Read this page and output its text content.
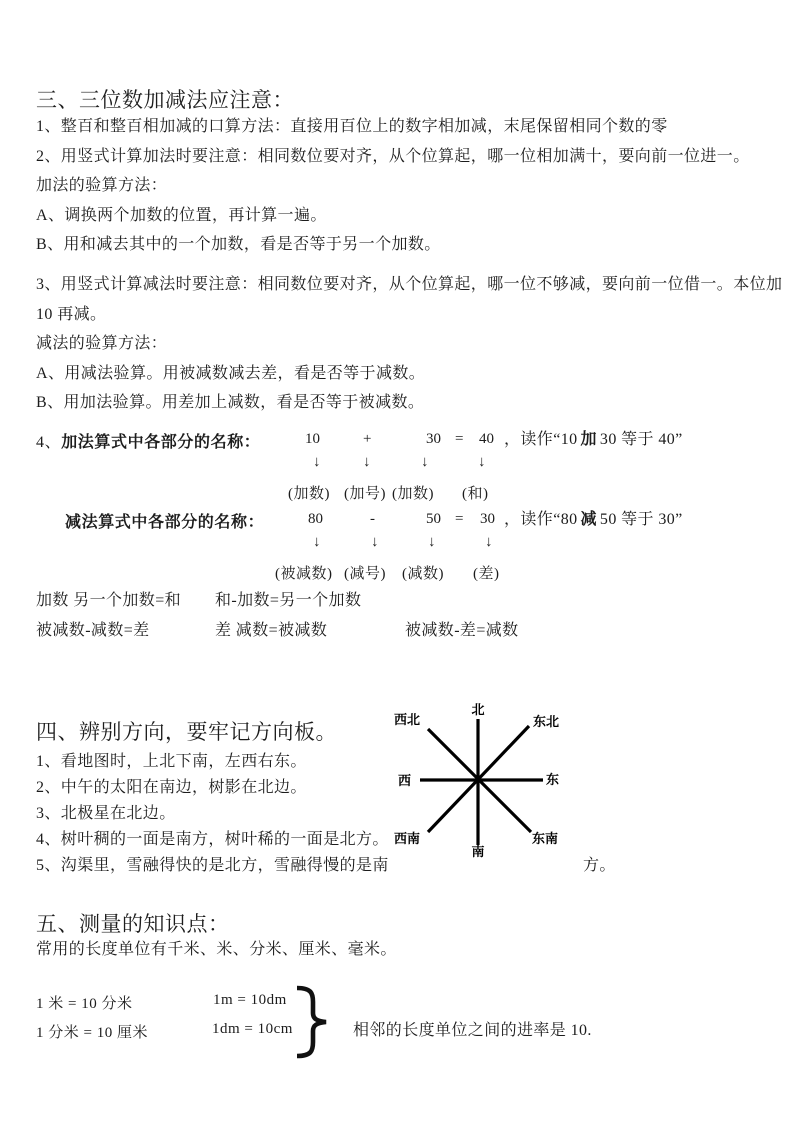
三、三位数加减法应注意：
1、整百和整百相加减的口算方法：直接用百位上的数字相加减，末尾保留相同个数的零
2、用竖式计算加法时要注意：相同数位要对齐，从个位算起，哪一位相加满十，要向前一位进一。
加法的验算方法：
A、调换两个加数的位置，再计算一遍。
B、用和减去其中的一个加数，看是否等于另一个加数。
3、用竖式计算减法时要注意：相同数位要对齐，从个位算起，哪一位不够减，要向前一位借一。本位加
10 再减。
减法的验算方法：
A、用减法验算。用被减数减去差，看是否等于减数。
B、用加法验算。用差加上减数，看是否等于被减数。
4、加法算式中各部分的名称：	10	+	30 = 40 ，读作“10 加 30 等于 40”
↓	↓	↓	↓
(加数) (加号) (加数) (和)
减法算式中各部分的名称：	80	-	50 = 30 ，读作“80 减 50 等于 30”
↓	↓	↓	↓
(被减数) (减号) (减数) (差)
加数 另一个加数=和 和-加数=另一个加数
被减数-减数=差	差 减数=被减数	被减数-差=减数
四、辨别方向，要牢记方向板。
1、看地图时，上北下南，左西右东。
2、中午的太阳在南边，树影在北边。
3、北极星在北边。
4、树叶稠的一面是南方，树叶稀的一面是北方。
5、沟渠里，雪融得快的是北方，雪融得慢的是南	方。
北
西北	东北
西	东
西南	东南
南
五、测量的知识点：
常用的长度单位有千米、米、分米、厘米、毫米。
1 米 = 10 分米	1m = 10dm
1 分米 = 10 厘米	1dm = 10cm	相邻的长度单位之间的进率是 10.
